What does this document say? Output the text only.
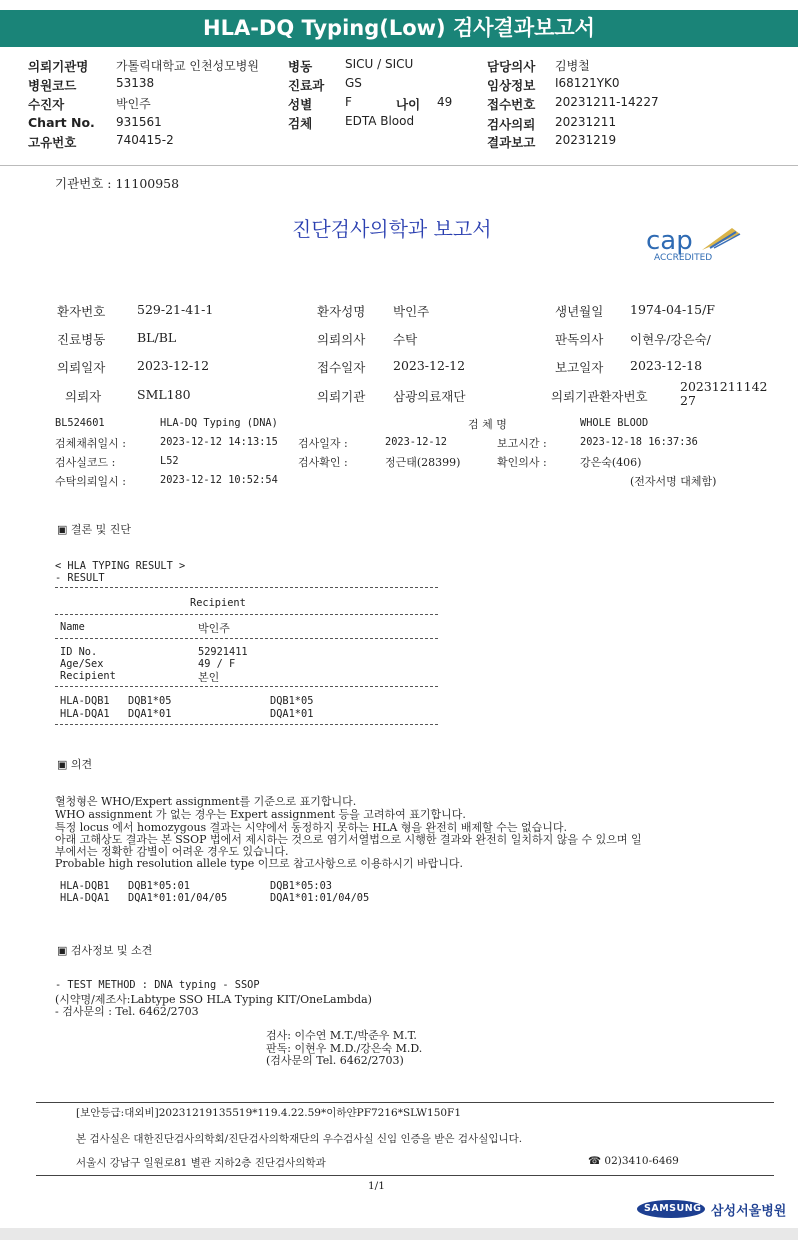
HLA-DQ Typing(Low) 검사결과보고서
의뢰기관명 가톨릭대학교 인천성모병원
병원코드	53138
수진자	박인주
Chart No. 931561
고유번호	740415-2
병동	SICU / SICU
진료과 GS
성별	F	나이 49
검체	EDTA Blood
담당의사 김병철
임상정보 I68121YK0
접수번호 20231211-14227
검사의뢰 20231211
결과보고 20231219
기관번호 : 11100958
진단검사의학과 보고서	cap
ACCREDITED
환자번호	529-21-41-1	환자성명 박인주	생년월일 1974-04-15/F
진료병동	BL/BL	의뢰의사 수탁	판독의사 이현우/강은숙/
의뢰일자	2023-12-12	접수일자 2023-12-12	보고일자 2023-12-18
의뢰자	SML180	의뢰기관 삼광의료재단	의뢰기관환자번호
2023121114227
BL524601	HLA-DQ Typing (DNA)	검 체 명	WHOLE BLOOD
검체채취일시 :	2023-12-12 14:13:15 검사일자 :	2023-12-12	보고시간 :	2023-12-18 16:37:36
검사실코드 :	L52	검사확인 :	정근태(28399)	확인의사 :	강은숙(406)
수탁의뢰일시 :	2023-12-12 10:52:54	(전자서명 대체함)
▣ 결론 및 진단
< HLA TYPING RESULT >
- RESULT
Recipient
Name	박인주
ID No.	52921411
Age/Sex	49 / F
Recipient	본인
HLA-DQB1 DQB1*05	DQB1*05
HLA-DQA1 DQA1*01	DQA1*01
▣ 의견
혈청형은 WHO/Expert assignment를 기준으로 표기합니다.
WHO assignment 가 없는 경우는 Expert assignment 등을 고려하여 표기합니다.
특정 locus 에서 homozygous 결과는 시약에서 동정하지 못하는 HLA 형을 완전히 배제할 수는 없습니다.
아래 고해상도 결과는 본 SSOP 법에서 제시하는 것으로 염기서열법으로 시행한 결과와 완전히 일치하지 않을 수 있으며 일
부에서는 정확한 감별이 어려운 경우도 있습니다.
Probable high resolution allele type 이므로 참고사항으로 이용하시기 바랍니다.
HLA-DQB1 DQB1*05:01	DQB1*05:03
HLA-DQA1 DQA1*01:01/04/05	DQA1*01:01/04/05
▣ 검사정보 및 소견
- TEST METHOD : DNA typing - SSOP
(시약명/제조사:Labtype SSO HLA Typing KIT/OneLambda)
- 검사문의 : Tel. 6462/2703
검사: 이수연 M.T./박준우 M.T.
판독: 이현우 M.D./강은숙 M.D.
(검사문의 Tel. 6462/2703)
[보안등급:대외비]20231219135519*119.4.22.59*이하얀PF7216*SLW150F1
본 검사실은 대한진단검사의학회/진단검사의학재단의 우수검사실 신임 인증을 받은 검사실입니다.
서울시 강남구 일원로81 별관 지하2층 진단검사의학과	☎ 02)3410-6469
1/1
SAMSUNG 삼성서울병원
